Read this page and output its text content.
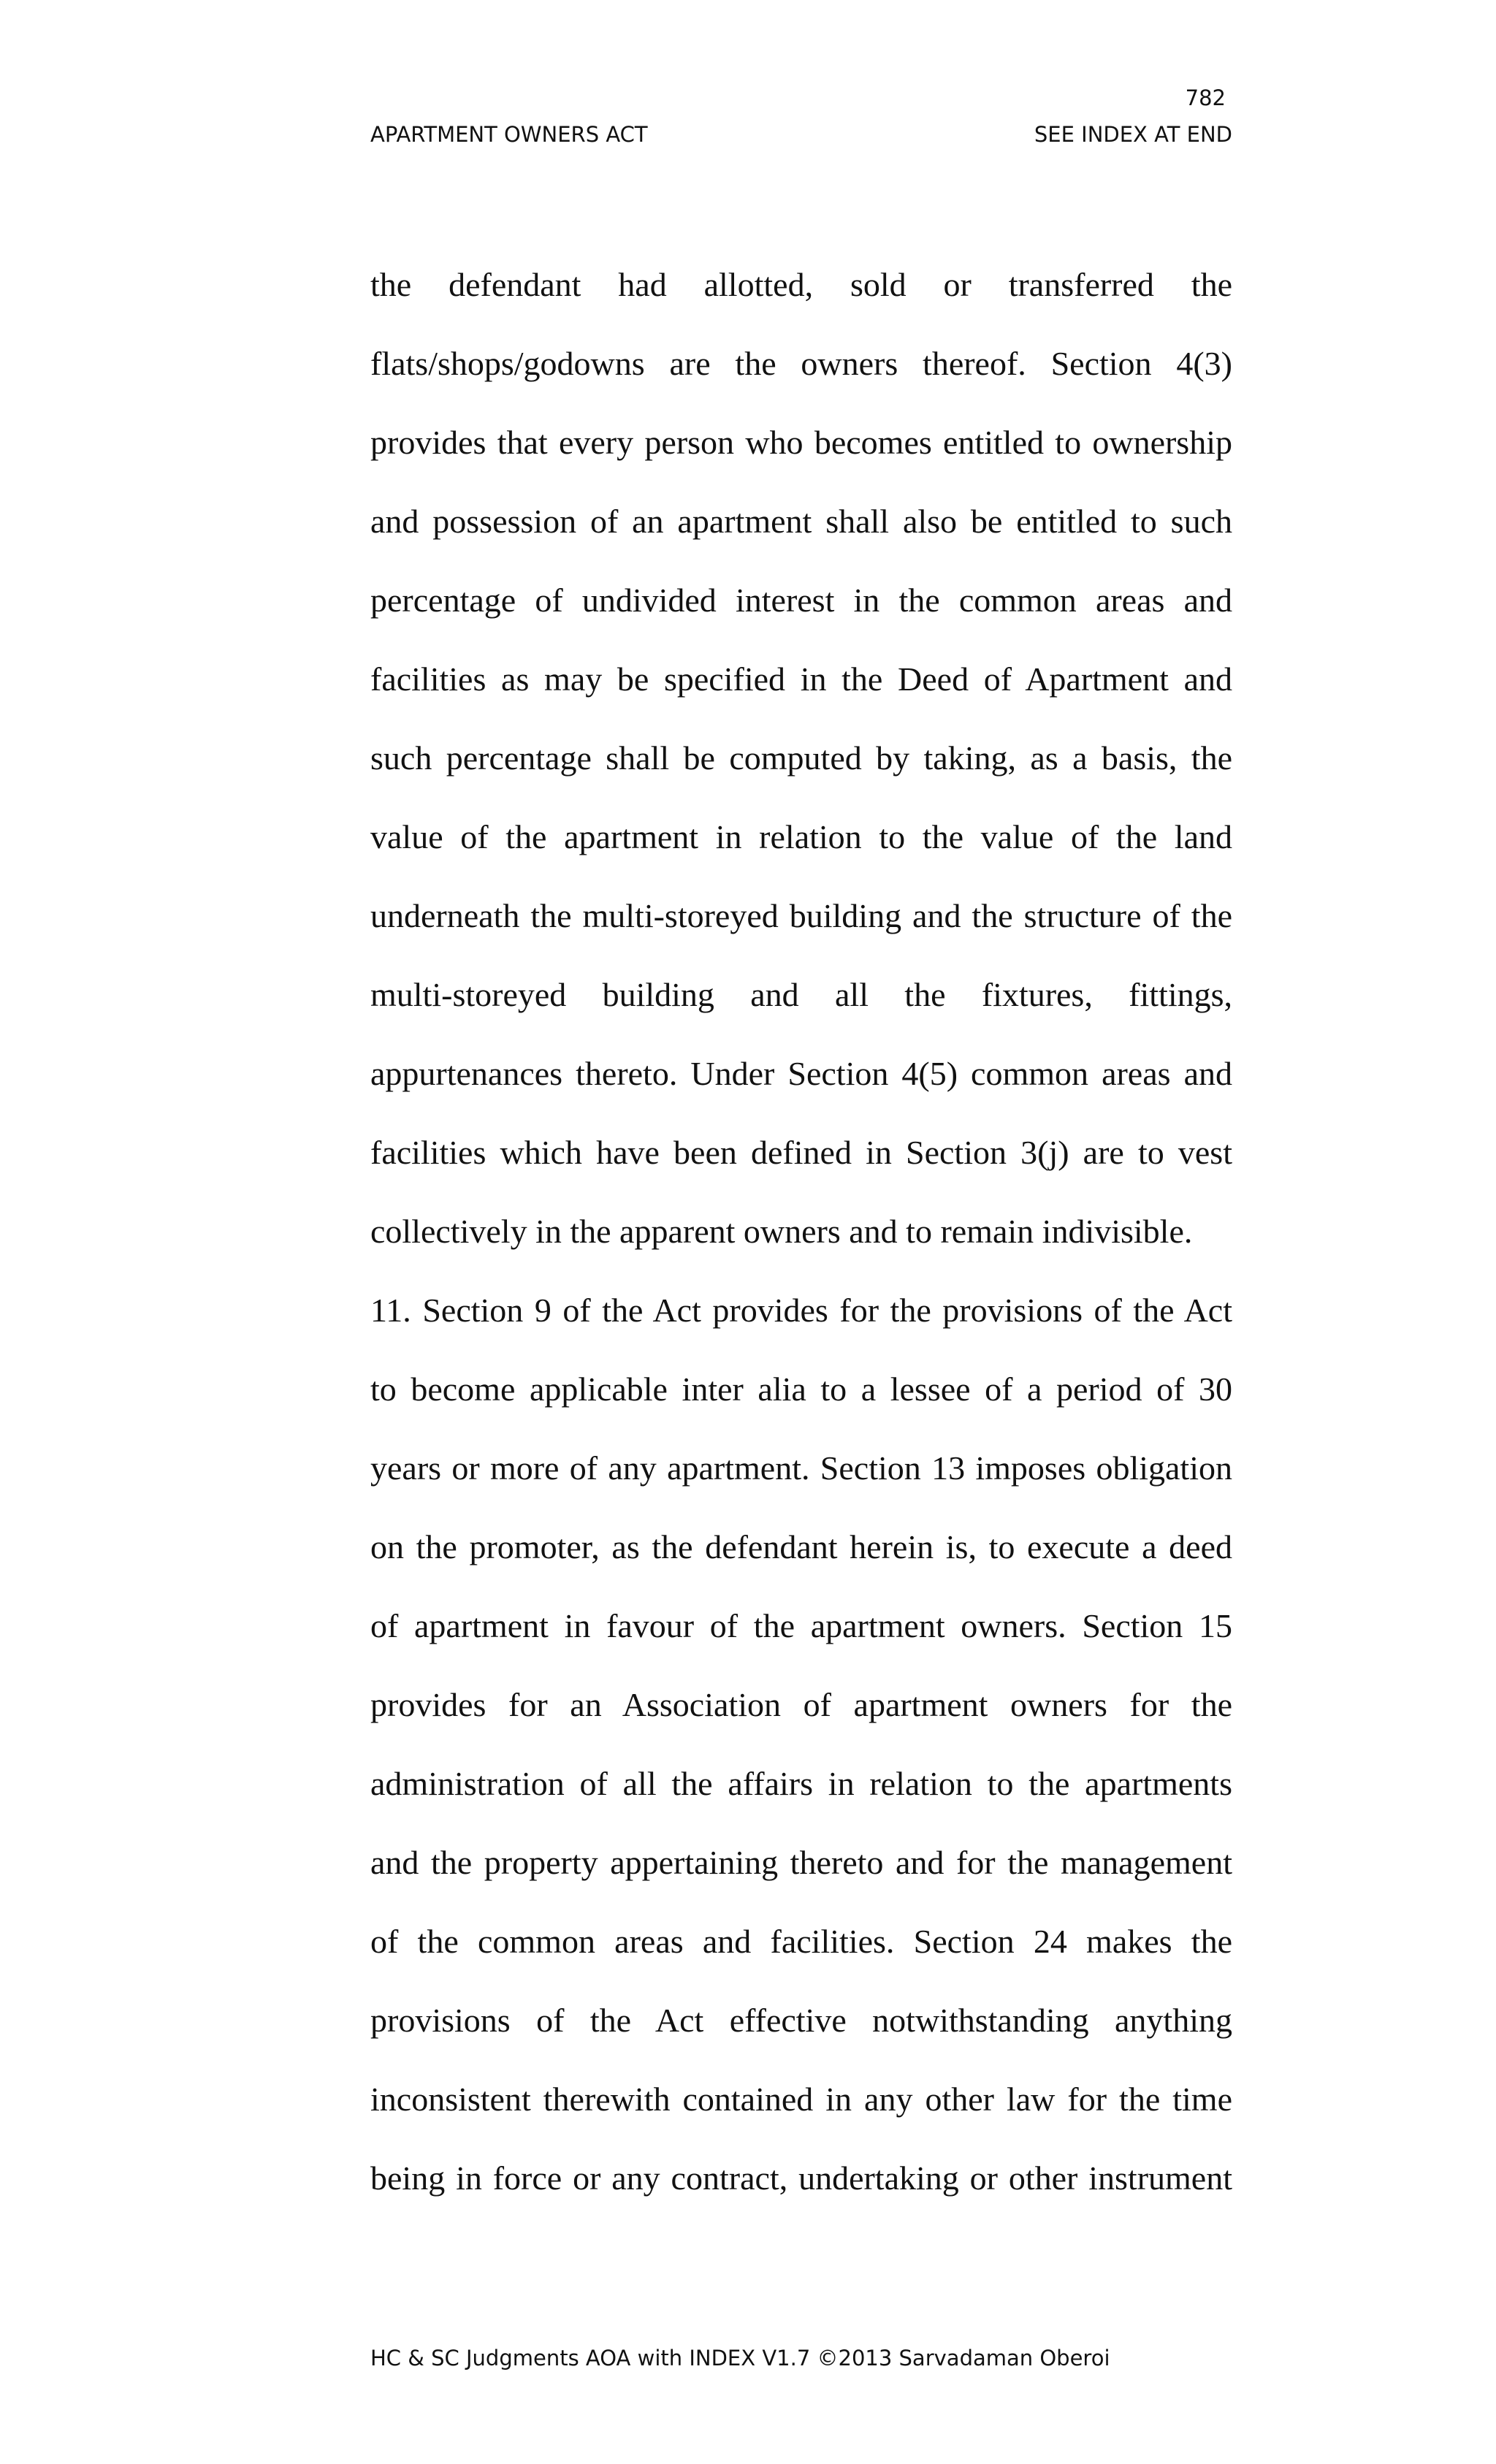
782
APARTMENT OWNERS ACT	SEE INDEX AT END
the defendant had allotted, sold or transferred the
flats/shops/godowns are the owners thereof. Section 4(3)
provides that every person who becomes entitled to ownership
and possession of an apartment shall also be entitled to such
percentage of undivided interest in the common areas and
facilities as may be specified in the Deed of Apartment and
such percentage shall be computed by taking, as a basis, the
value of the apartment in relation to the value of the land
underneath the multi-storeyed building and the structure of the
multi-storeyed building and all the fixtures, fittings,
appurtenances thereto. Under Section 4(5) common areas and
facilities which have been defined in Section 3(j) are to vest
collectively in the apparent owners and to remain indivisible.
11. Section 9 of the Act provides for the provisions of the Act
to become applicable inter alia to a lessee of a period of 30
years or more of any apartment. Section 13 imposes obligation
on the promoter, as the defendant herein is, to execute a deed
of apartment in favour of the apartment owners. Section 15
provides for an Association of apartment owners for the
administration of all the affairs in relation to the apartments
and the property appertaining thereto and for the management
of the common areas and facilities. Section 24 makes the
provisions of the Act effective notwithstanding anything
inconsistent therewith contained in any other law for the time
being in force or any contract, undertaking or other instrument
HC & SC Judgments AOA with INDEX V1.7 ©2013 Sarvadaman Oberoi
